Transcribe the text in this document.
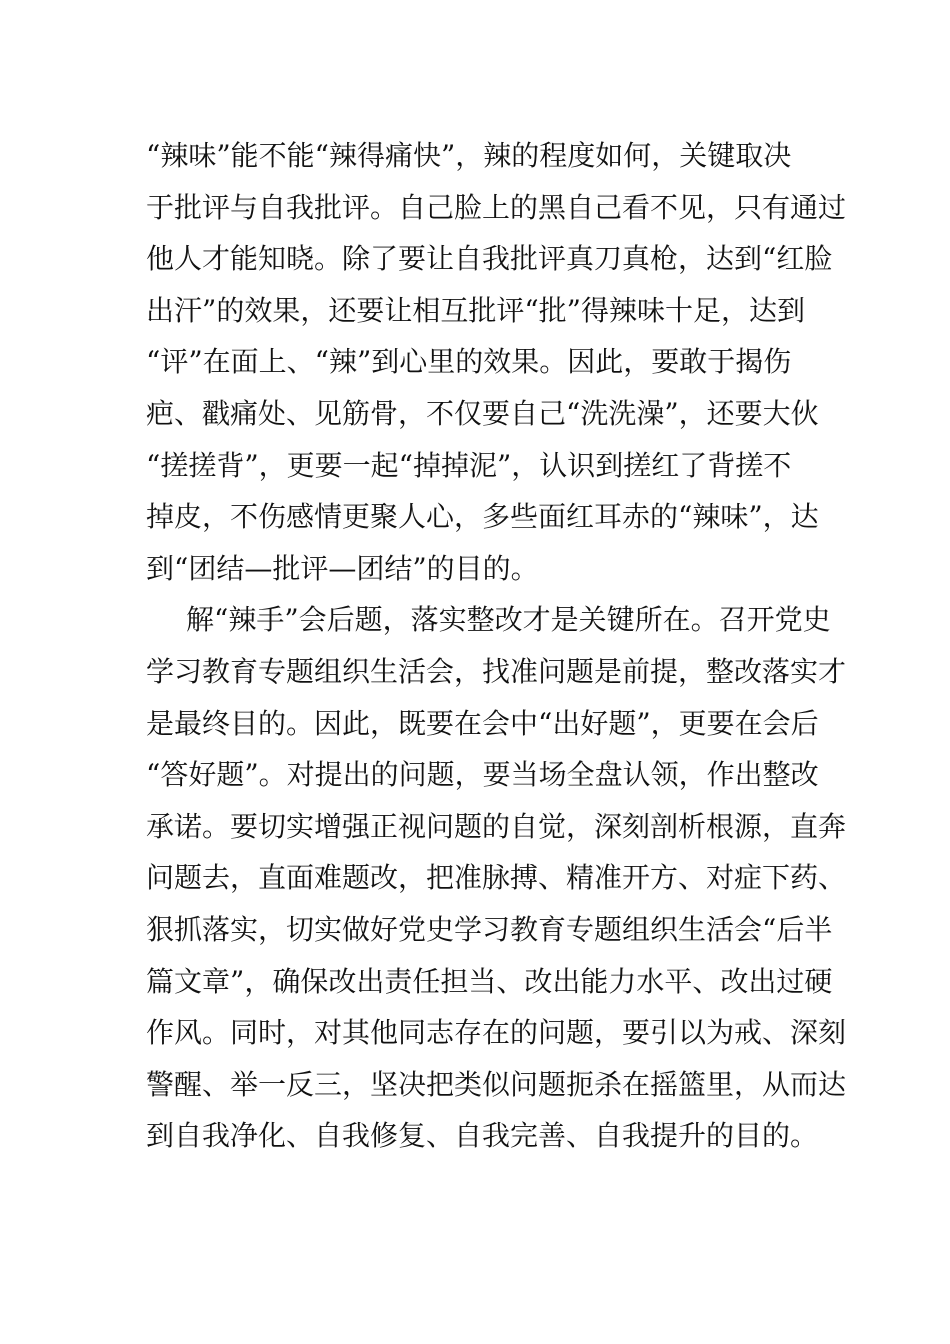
“辣味”能不能“辣得痛快”，辣的程度如何，关键取决
于批评与自我批评。自己脸上的黑自己看不见，只有通过
他人才能知晓。除了要让自我批评真刀真枪，达到“红脸
出汗”的效果，还要让相互批评“批”得辣味十足，达到
“评”在面上、“辣”到心里的效果。因此，要敢于揭伤
疤、戳痛处、见筋骨，不仅要自己“洗洗澡”，还要大伙
“搓搓背”，更要一起“掉掉泥”，认识到搓红了背搓不
掉皮，不伤感情更聚人心，多些面红耳赤的“辣味”，达
到“团结—批评—团结”的目的。
解“辣手”会后题，落实整改才是关键所在。召开党史
学习教育专题组织生活会，找准问题是前提，整改落实才
是最终目的。因此，既要在会中“出好题”，更要在会后
“答好题”。对提出的问题，要当场全盘认领，作出整改
承诺。要切实增强正视问题的自觉，深刻剖析根源，直奔
问题去，直面难题改，把准脉搏、精准开方、对症下药、
狠抓落实，切实做好党史学习教育专题组织生活会“后半
篇文章”，确保改出责任担当、改出能力水平、改出过硬
作风。同时，对其他同志存在的问题，要引以为戒、深刻
警醒、举一反三，坚决把类似问题扼杀在摇篮里，从而达
到自我净化、自我修复、自我完善、自我提升的目的。
